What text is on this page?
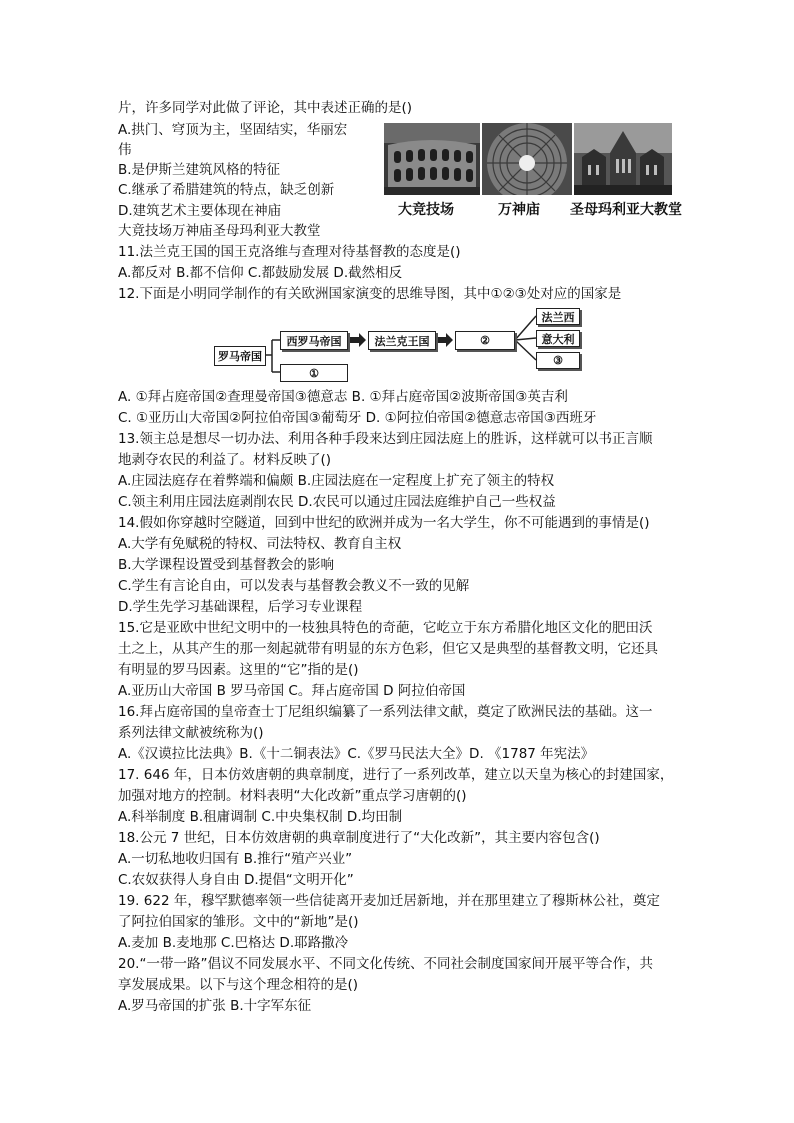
片，许多同学对此做了评论，其中表述正确的是()
A.拱门、穹顶为主，坚固结实，华丽宏
伟
B.是伊斯兰建筑风格的特征
C.继承了希腊建筑的特点，缺乏创新
D.建筑艺术主要体现在神庙
大竟技场万神庙圣母玛利亚大教堂
11.法兰克王国的国王克洛维与查理对待基督教的态度是()
A.都反对 B.都不信仰 C.都鼓励发展 D.截然相反
12.下面是小明同学制作的有关欧洲国家演变的思维导图，其中①②③处对应的国家是
A. ①拜占庭帝国②查理曼帝国③德意志 B. ①拜占庭帝国②波斯帝国③英吉利
C. ①亚历山大帝国②阿拉伯帝国③葡萄牙 D. ①阿拉伯帝国②德意志帝国③西班牙
13.领主总是想尽一切办法、利用各种手段来达到庄园法庭上的胜诉，这样就可以书正言顺
地剥夺农民的利益了。材料反映了()
A.庄园法庭存在着弊端和偏颇 B.庄园法庭在一定程度上扩充了领主的特权
C.领主利用庄园法庭剥削农民 D.农民可以通过庄园法庭维护自己一些权益
14.假如你穿越时空隧道，回到中世纪的欧洲并成为一名大学生，你不可能遇到的事情是()
A.大学有免赋税的特权、司法特权、教育自主权
B.大学课程设置受到基督教会的影响
C.学生有言论自由，可以发表与基督教会教义不一致的见解
D.学生先学习基础课程，后学习专业课程
15.它是亚欧中世纪文明中的一枝独具特色的奇葩，它屹立于东方希腊化地区文化的肥田沃
土之上，从其产生的那一刻起就带有明显的东方色彩，但它又是典型的基督教文明，它还具
有明显的罗马因素。这里的“它”指的是()
A.亚历山大帝国 B 罗马帝国 C。拜占庭帝国 D 阿拉伯帝国
16.拜占庭帝国的皇帝查士丁尼组织编纂了一系列法律文献，奠定了欧洲民法的基础。这一
系列法律文献被统称为()
A.《汉谟拉比法典》B.《十二铜表法》C.《罗马民法大全》D. 《1787 年宪法》
17. 646 年，日本仿效唐朝的典章制度，进行了一系列改革，建立以天皇为核心的封建国家，
加强对地方的控制。材料表明“大化改新”重点学习唐朝的()
A.科举制度 B.租庸调制 C.中央集权制 D.均田制
18.公元 7 世纪，日本仿效唐朝的典章制度进行了“大化改新”，其主要内容包含()
A.一切私地收归国有 B.推行“殖产兴业”
C.农奴获得人身自由 D.提倡“文明开化”
19. 622 年，穆罕默德率领一些信徒离开麦加迁居新地，并在那里建立了穆斯林公社，奠定
了阿拉伯国家的雏形。文中的“新地”是()
A.麦加 B.麦地那 C.巴格达 D.耶路撒冷
20.“一带一路”倡议不同发展水平、不同文化传统、不同社会制度国家间开展平等合作，共
享发展成果。以下与这个理念相符的是()
A.罗马帝国的扩张 B.十字军东征
大竞技场	万神庙 圣母玛利亚大教堂
罗马帝国
西罗马帝国
①
法兰克王国	②
法兰西
意大利
③
